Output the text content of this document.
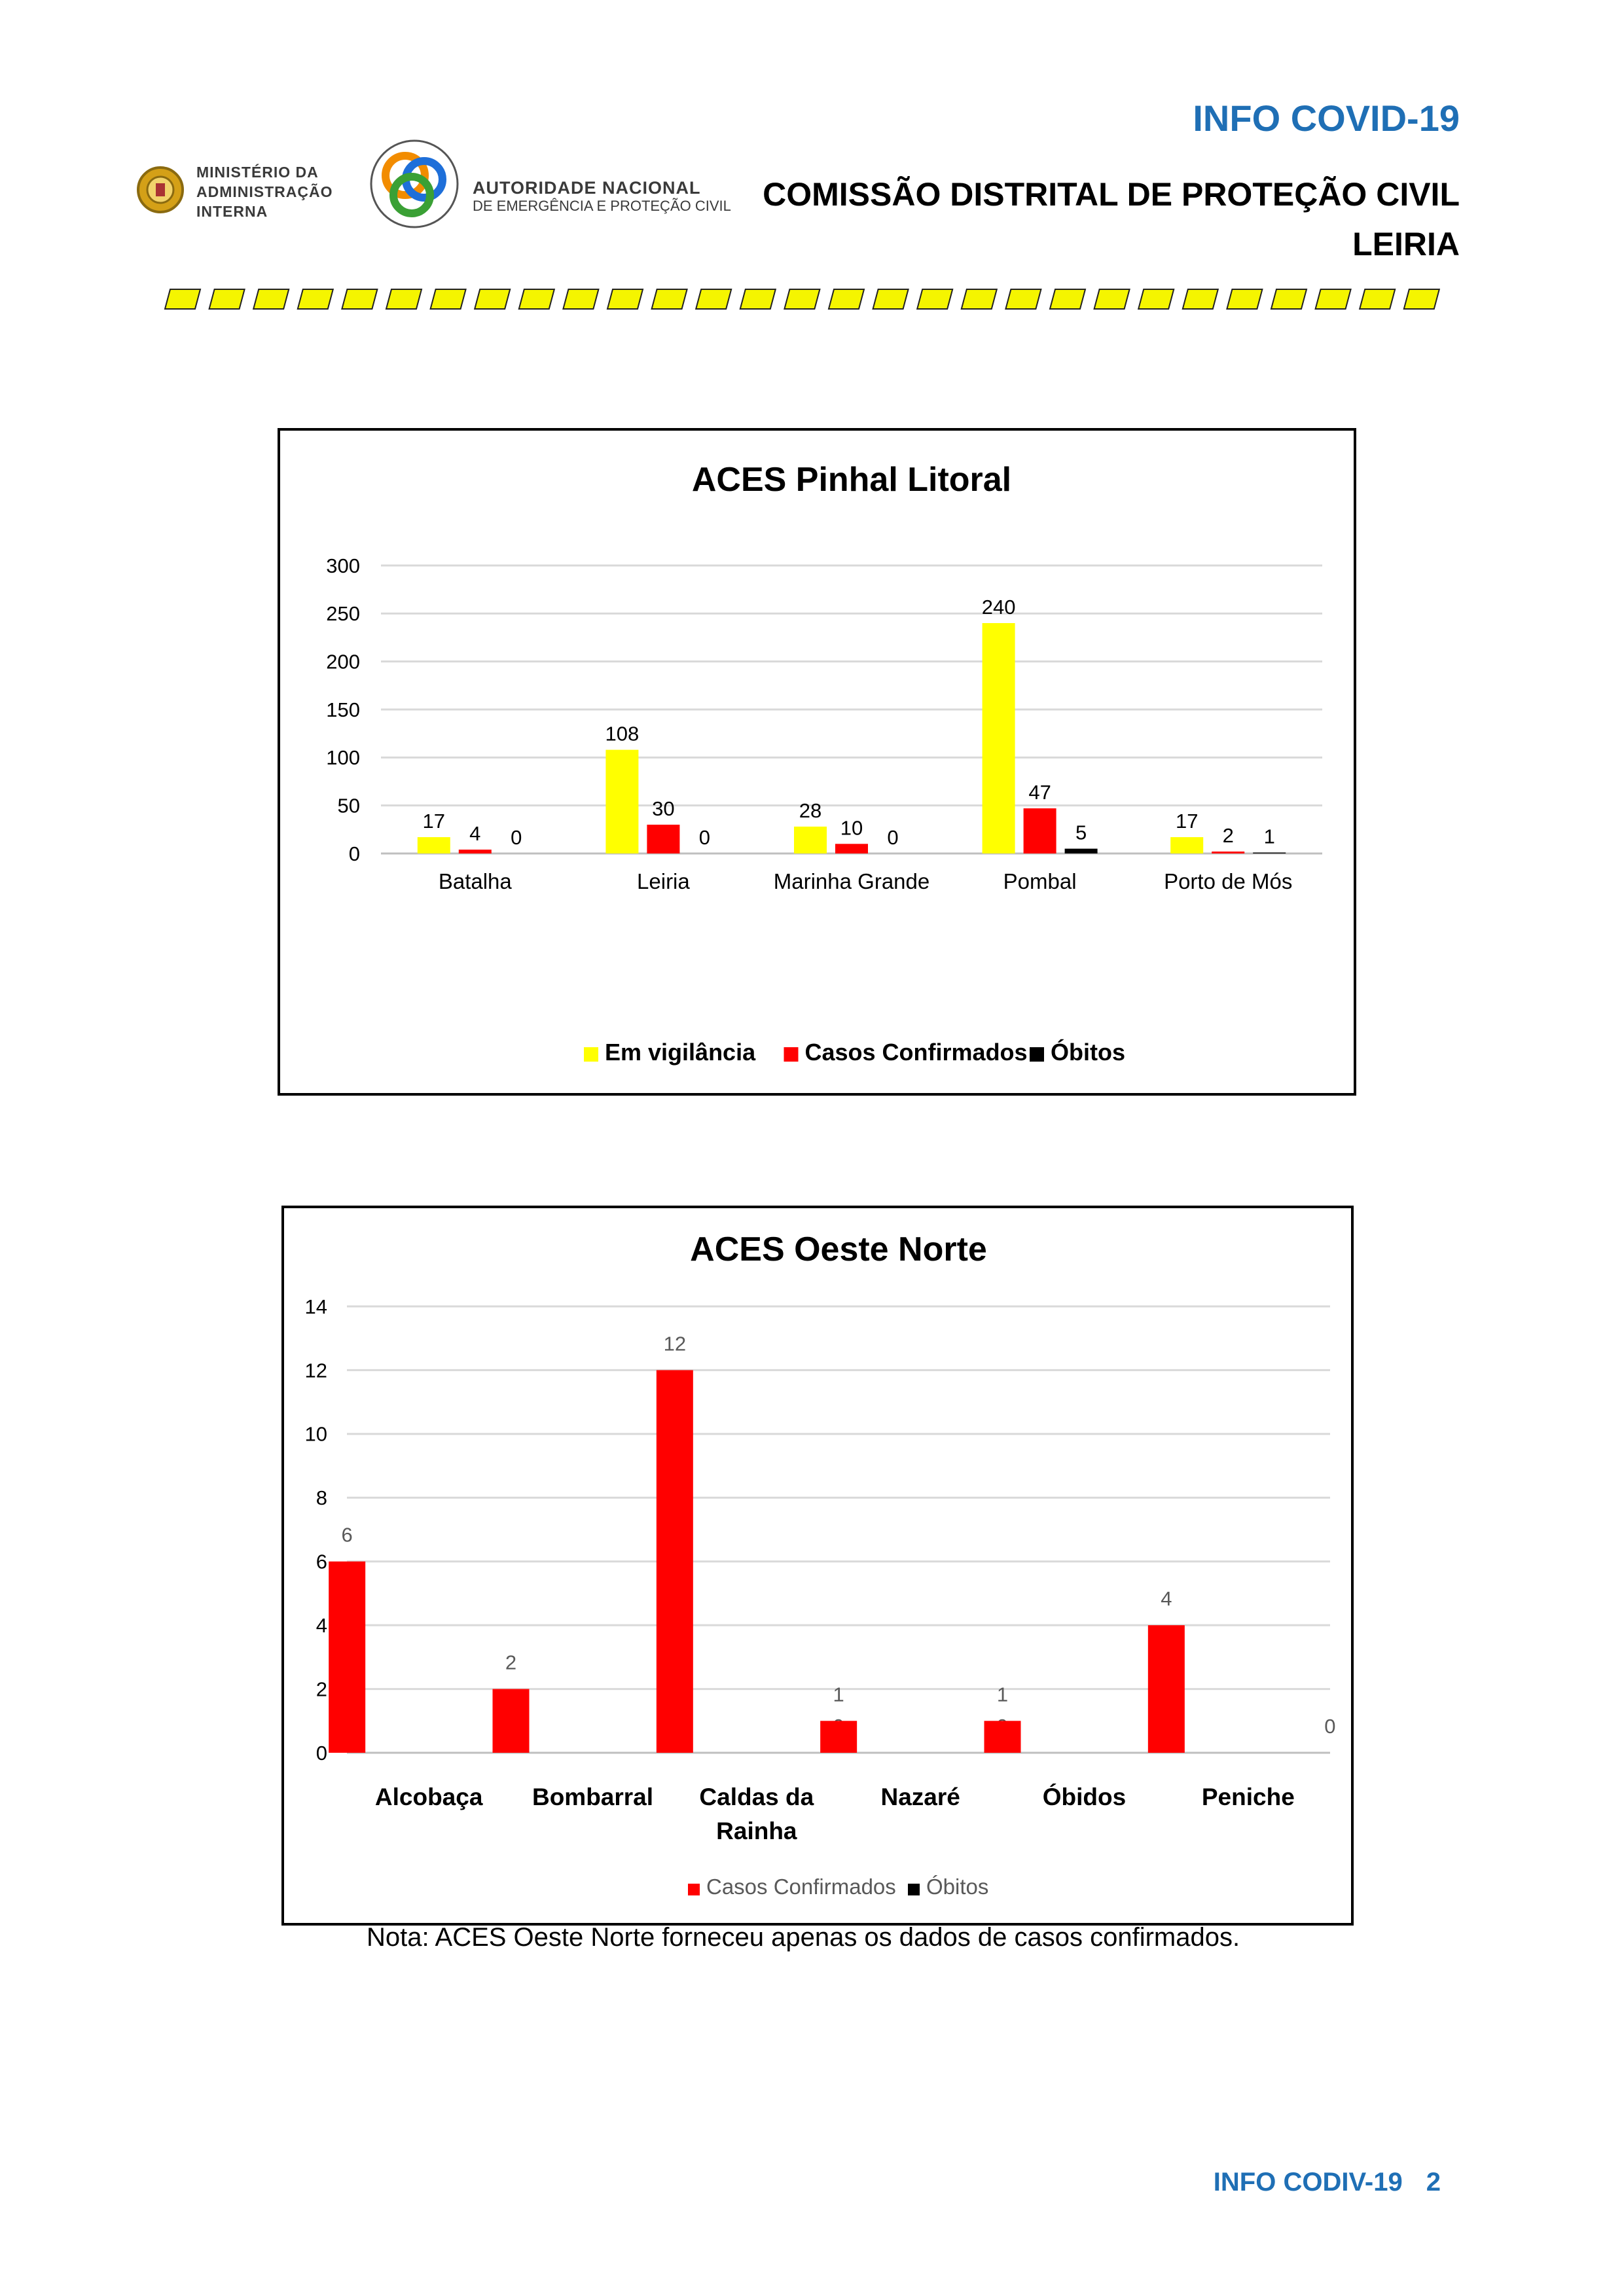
INFO COVID-19
COMISSÃO DISTRITAL DE PROTEÇÃO CIVIL
LEIRIA
MINISTÉRIO DA
ADMINISTRAÇÃO
INTERNA
AUTORIDADE NACIONAL
DE EMERGÊNCIA E PROTEÇÃO CIVIL
ACES Pinhal Litoral
0
50
100
150
200
250
300
17
4 0
Batalha
108
30
0
Leiria
28
10 0
Marinha Grande
240
47
5
Pombal
17
2 1
Porto de Mós
Em vigilância Casos Confirmados Óbitos
ACES Oeste Norte
0
2
4
6
8
10
12
14
6
Alcobaça
2
Bombarral
12
Caldas da
Rainha
1
Nazaré
1
Óbidos
4
0
Peniche
Casos Confirmados Óbitos
Nota: ACES Oeste Norte forneceu apenas os dados de casos confirmados.
INFO CODIV-19 2
